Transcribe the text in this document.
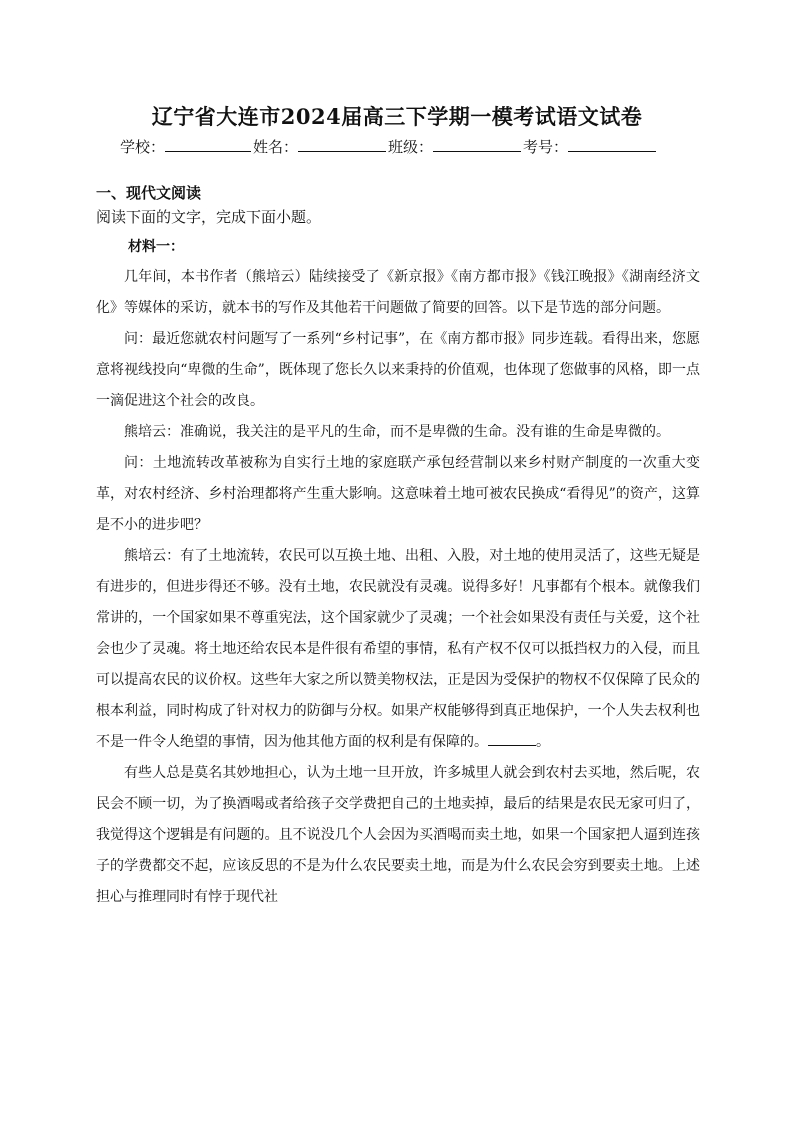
辽宁省大连市2024届高三下学期一模考试语文试卷
学校：	姓名：	班级：	考号：
一、现代文阅读
阅读下面的文字，完成下面小题。
材料一：

几年间，本书作者（熊培云）陆续接受了《新京报》《南方都市报》《钱江晚报》《湖南经济文化》等媒体的采访，就本书的写作及其他若干问题做了简要的回答。以下是节选的部分问题。

问：最近您就农村问题写了一系列“乡村记事”，在《南方都市报》同步连载。看得出来，您愿意将视线投向“卑微的生命”，既体现了您长久以来秉持的价值观，也体现了您做事的风格，即一点一滴促进这个社会的改良。

熊培云：准确说，我关注的是平凡的生命，而不是卑微的生命。没有谁的生命是卑微的。

问：土地流转改革被称为自实行土地的家庭联产承包经营制以来乡村财产制度的一次重大变革，对农村经济、乡村治理都将产生重大影响。这意味着土地可被农民换成“看得见”的资产，这算是不小的进步吧？

熊培云：有了土地流转，农民可以互换土地、出租、入股，对土地的使用灵活了，这些无疑是有进步的，但进步得还不够。没有土地，农民就没有灵魂。说得多好！凡事都有个根本。就像我们常讲的，一个国家如果不尊重宪法，这个国家就少了灵魂；一个社会如果没有责任与关爱，这个社会也少了灵魂。将土地还给农民本是件很有希望的事情，私有产权不仅可以抵挡权力的入侵，而且可以提高农民的议价权。这些年大家之所以赞美物权法，正是因为受保护的物权不仅保障了民众的根本利益，同时构成了针对权力的防御与分权。如果产权能够得到真正地保护，一个人失去权利也不是一件令人绝望的事情，因为他其他方面的权利是有保障的。	。

有些人总是莫名其妙地担心，认为土地一旦开放，许多城里人就会到农村去买地，然后呢，农民会不顾一切，为了换酒喝或者给孩子交学费把自己的土地卖掉，最后的结果是农民无家可归了，我觉得这个逻辑是有问题的。且不说没几个人会因为买酒喝而卖土地，如果一个国家把人逼到连孩子的学费都交不起，应该反思的不是为什么农民要卖土地，而是为什么农民会穷到要卖土地。上述担心与推理同时有悖于现代社
